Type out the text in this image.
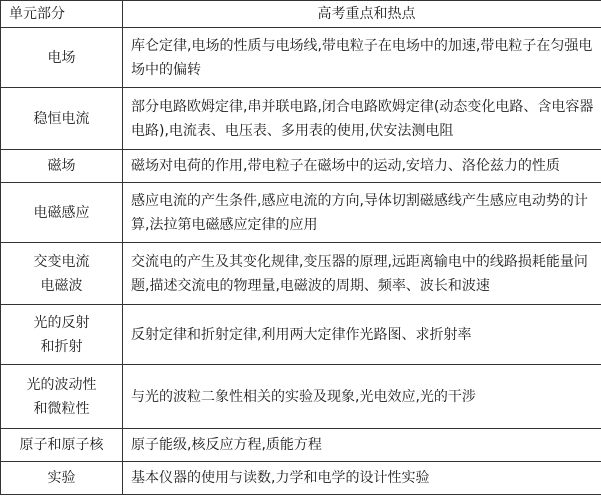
单元部分	高考重点和热点

电场	库仑定律,电场的性质与电场线,带电粒子在电场中的加速,带电粒子在匀强电场中的偏转

稳恒电流	部分电路欧姆定律,串并联电路,闭合电路欧姆定律(动态变化电路、含电容器电路),电流表、电压表、多用表的使用,伏安法测电阻

磁场	磁场对电荷的作用,带电粒子在磁场中的运动,安培力、洛伦兹力的性质

电磁感应	感应电流的产生条件,感应电流的方向,导体切割磁感线产生感应电动势的计算,法拉第电磁感应定律的应用

交变电流
电磁波	交流电的产生及其变化规律,变压器的原理,远距离输电中的线路损耗能量问题,描述交流电的物理量,电磁波的周期、频率、波长和波速

光的反射
和折射	反射定律和折射定律,利用两大定律作光路图、求折射率

光的波动性
和微粒性	与光的波粒二象性相关的实验及现象,光电效应,光的干涉

原子和原子核	原子能级,核反应方程,质能方程

实验	基本仪器的使用与读数,力学和电学的设计性实验
